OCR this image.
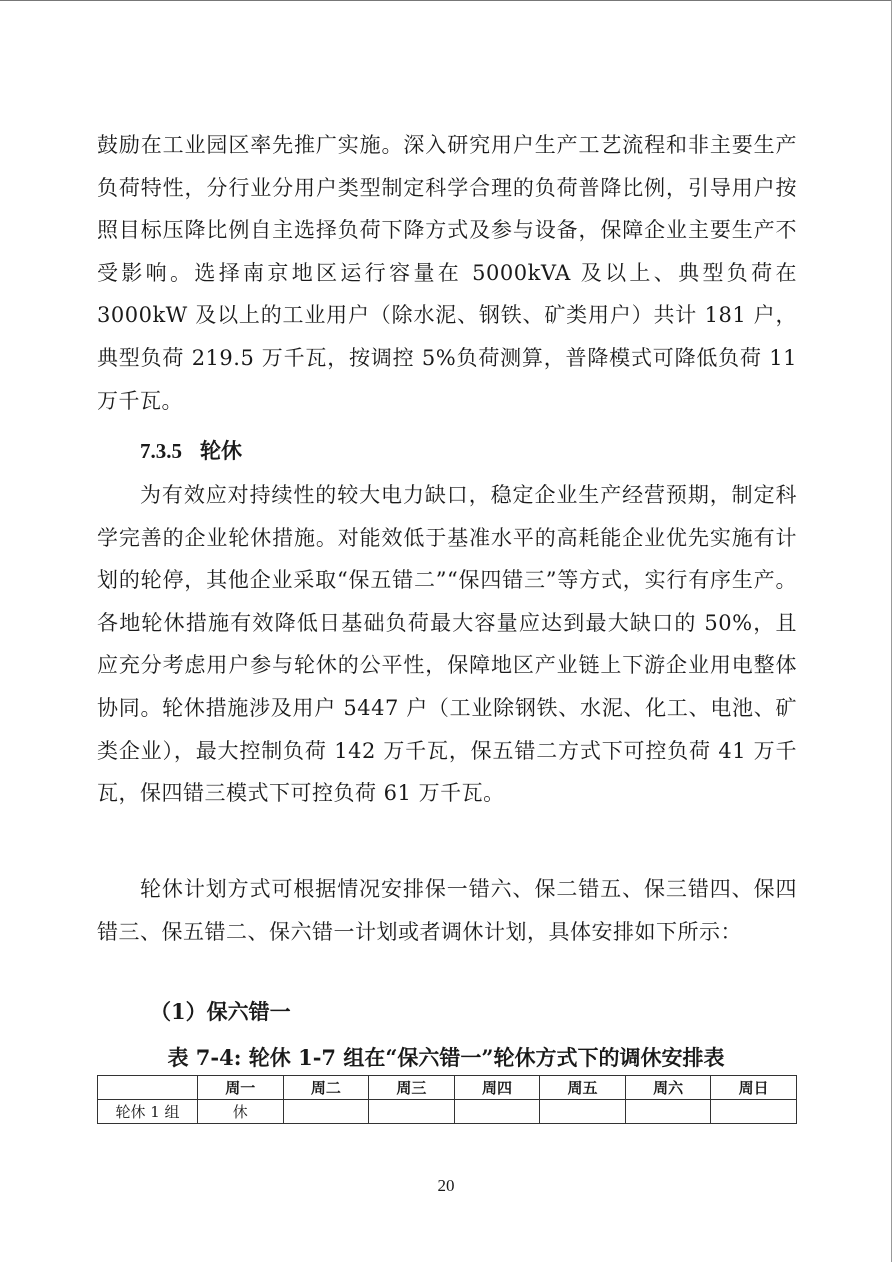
鼓励在工业园区率先推广实施。深入研究用户生产工艺流程和非主要生产负荷特性，分行业分用户类型制定科学合理的负荷普降比例，引导用户按照目标压降比例自主选择负荷下降方式及参与设备，保障企业主要生产不受影响。选择南京地区运行容量在 5000kVA 及以上、典型负荷在 3000kW 及以上的工业用户（除水泥、钢铁、矿类用户）共计 181 户，典型负荷 219.5 万千瓦，按调控 5%负荷测算，普降模式可降低负荷 11 万千瓦。

7.3.5 轮休

为有效应对持续性的较大电力缺口，稳定企业生产经营预期，制定科学完善的企业轮休措施。对能效低于基准水平的高耗能企业优先实施有计划的轮停，其他企业采取“保五错二”“保四错三”等方式，实行有序生产。各地轮休措施有效降低日基础负荷最大容量应达到最大缺口的 50%，且应充分考虑用户参与轮休的公平性，保障地区产业链上下游企业用电整体协同。轮休措施涉及用户 5447 户（工业除钢铁、水泥、化工、电池、矿类企业），最大控制负荷 142 万千瓦，保五错二方式下可控负荷 41 万千瓦，保四错三模式下可控负荷 61 万千瓦。

轮休计划方式可根据情况安排保一错六、保二错五、保三错四、保四错三、保五错二、保六错一计划或者调休计划，具体安排如下所示：

（1）保六错一

表 7-4: 轮休 1-7 组在“保六错一”轮休方式下的调休安排表

	周一	周二	周三	周四	周五	周六	周日
轮休 1 组	休						
20
